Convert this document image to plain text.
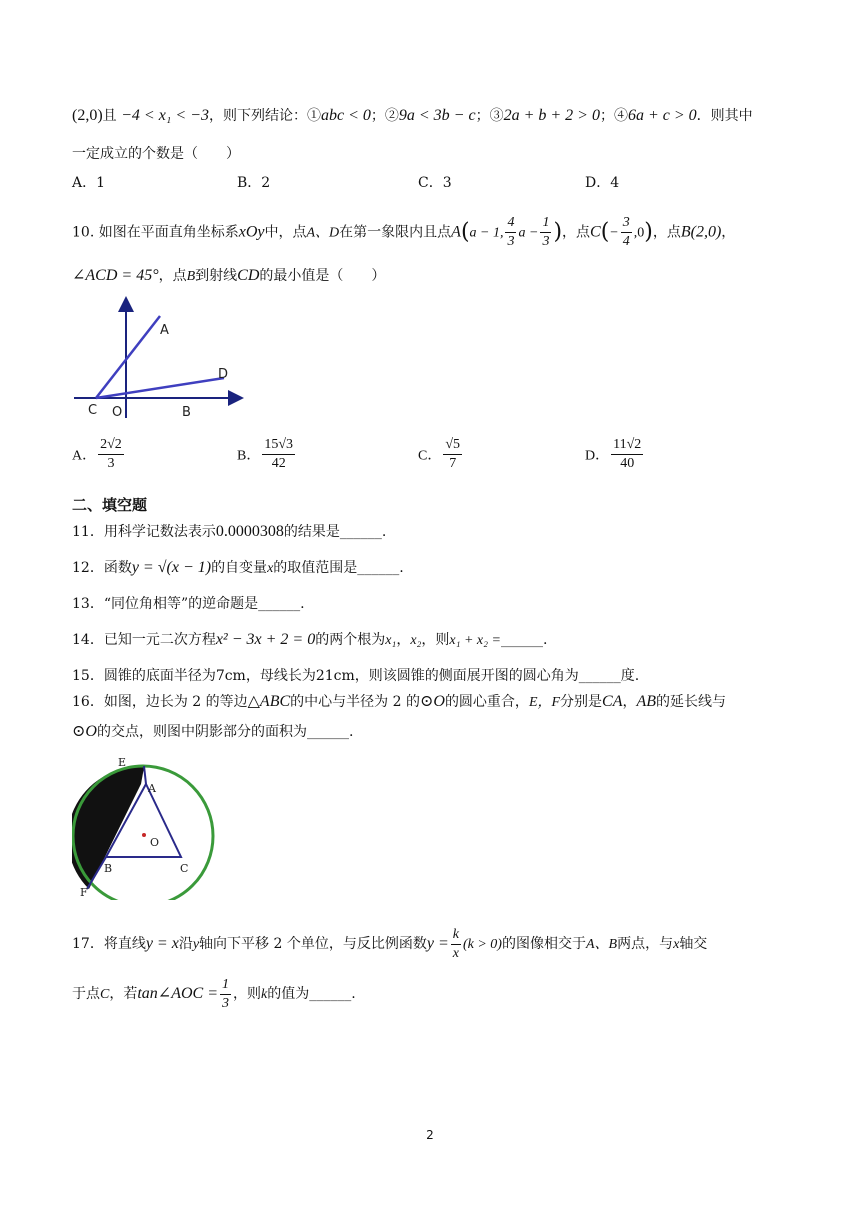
(2,0)且 −4 < x₁ < −3，则下列结论：①abc < 0；②9a < 3b − c；③2a + b + 2 > 0；④6a + c > 0．则其中
一定成立的个数是（　　）
A．1	B．2	C．3	D．4
10. 如图在平面直角坐标系xOy中，点A、D在第一象限内且点A(a − 1, $\frac{4}{3}$ $a - \frac{1}{3}$ )，点$C(- \frac{3}{4} ,0)$，点B(2,0)，
∠ACD = 45°，点B到射线CD的最小值是（　　）
A
D
C O	B
A． $\frac{2√2}{3}$	B． $\frac{15√3}{42}$	C． $\frac{√5}{7}$	D． $\frac{11√2}{40}$
二、填空题
11．用科学记数法表示0.0000308的结果是______.
12．函数y = √(x − 1)的自变量x的取值范围是______.
13．“同位角相等”的逆命题是______.
14．已知一元二次方程x² − 3x + 2 = 0的两个根为x₁，x₂，则x₁ + x₂ =______.
15．圆锥的底面半径为7cm，母线长为21cm，则该圆锥的侧面展开图的圆心角为______度.
16．如图，边长为 2 的等边△ABC的中心与半径为 2 的⊙O的圆心重合，E，F分别是CA，AB的延长线与
⊙O的交点，则图中阴影部分的面积为______.
E
A
O
B	C
F
17．将直线y = x沿y轴向下平移 2 个单位，与反比例函数$y = \frac{k}{x} (k > 0)$的图像相交于A、B两点，与x轴交
于点C，若tan∠AOC = $\frac{1}{3}$ ，则k的值为______.
2
